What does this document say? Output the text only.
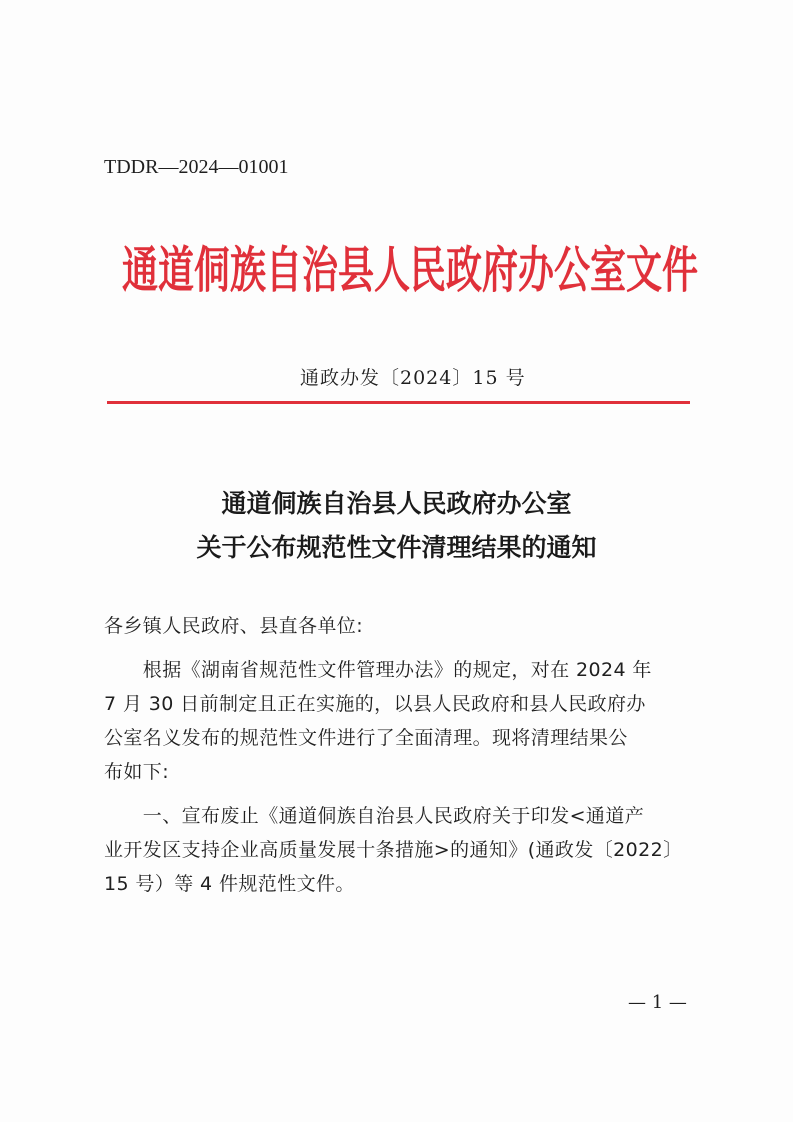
TDDR—2024—01001
通道侗族自治县人民政府办公室文件
通政办发〔2024〕15 号
通道侗族自治县人民政府办公室
关于公布规范性文件清理结果的通知
各乡镇人民政府、县直各单位:
　　根据《湖南省规范性文件管理办法》的规定，对在 2024 年
7 月 30 日前制定且正在实施的，以县人民政府和县人民政府办
公室名义发布的规范性文件进行了全面清理。现将清理结果公
布如下:
　　一、宣布废止《通道侗族自治县人民政府关于印发<通道产
业开发区支持企业高质量发展十条措施>的通知》(通政发〔2022〕
15 号）等 4 件规范性文件。
— 1 —
